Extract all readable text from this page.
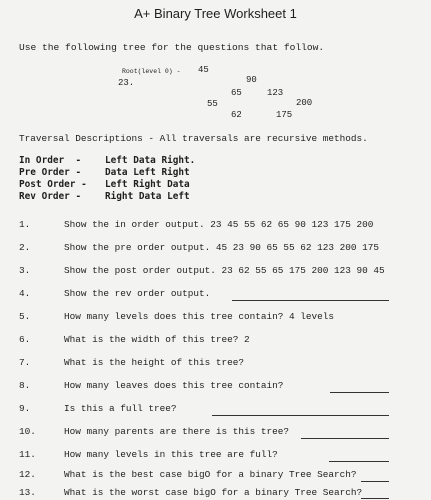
A+ Binary Tree Worksheet 1
Use the following tree for the questions that follow.
Root(level 0) - 45
23.	90
65	123
55	200
62	175
Traversal Descriptions - All traversals are recursive methods.
In Order  -	Left Data Right.
Pre Order -	Data Left Right
Post Order - Left Right Data
Rev Order -	Right Data Left
1.	Show the in order output. 23 45 55 62 65 90 123 175 200
2.	Show the pre order output. 45 23 90 65 55 62 123 200 175
3.	Show the post order output. 23 62 55 65 175 200 123 90 45
4.	Show the rev order output.
5.	How many levels does this tree contain? 4 levels
6.	What is the width of this tree? 2
7.	What is the height of this tree?
8.	How many leaves does this tree contain?
9.	Is this a full tree?
10.	How many parents are there is this tree?
11.	How many levels in this tree are full?
12.	What is the best case bigO for a binary Tree Search?
13.	What is the worst case bigO for a binary Tree Search?
